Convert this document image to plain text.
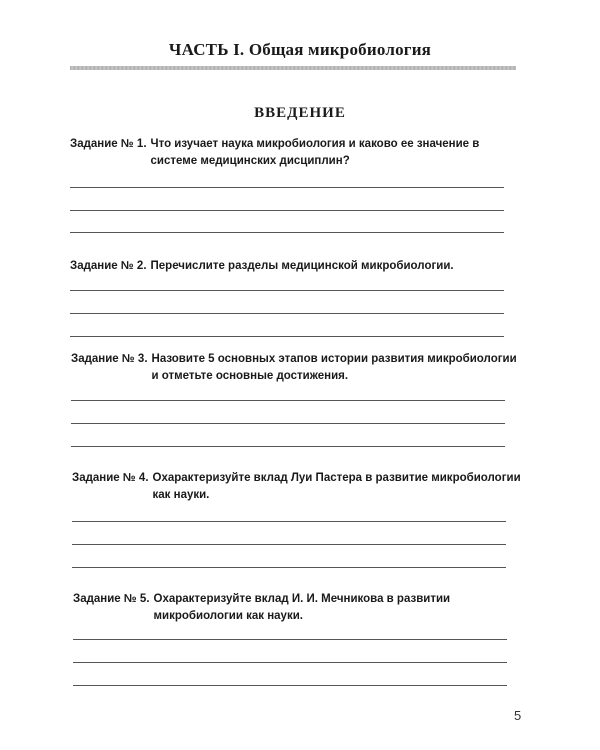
ЧАСТЬ I. Общая микробиология
ВВЕДЕНИЕ
Задание № 1. Что изучает наука микробиология и каково ее значение в системе медицинских дисциплин?
Задание № 2. Перечислите разделы медицинской микробиологии.
Задание № 3. Назовите 5 основных этапов истории развития микробиологии и отметьте основные достижения.
Задание № 4. Охарактеризуйте вклад Луи Пастера в развитие микробиологии как науки.
Задание № 5. Охарактеризуйте вклад И. И. Мечникова в развитии микробиологии как науки.
5
